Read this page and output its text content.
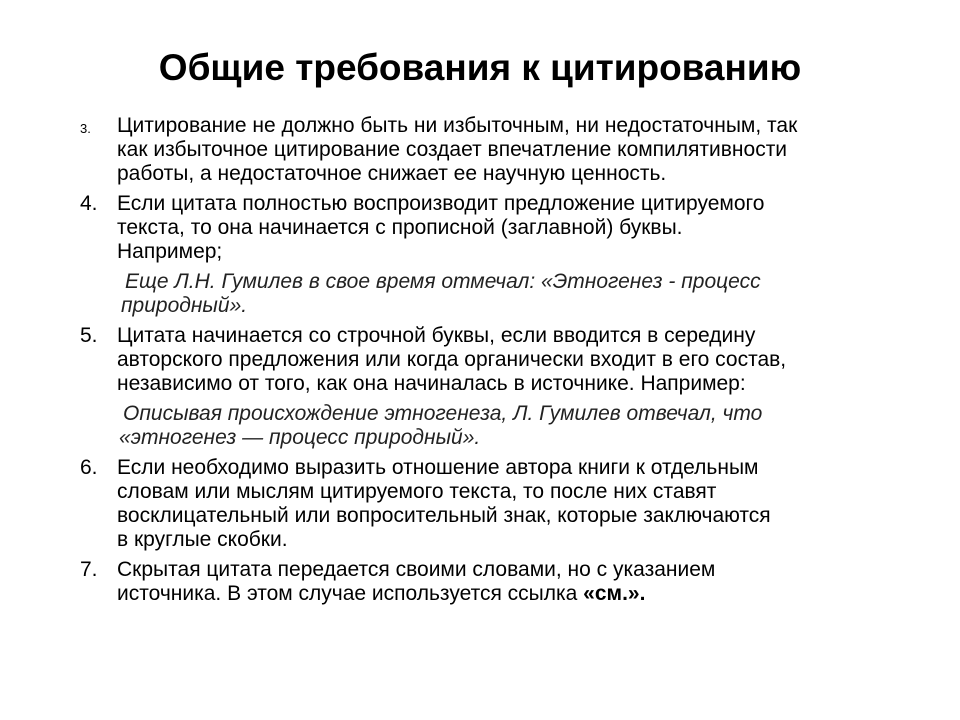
Общие требования к цитированию
3. Цитирование не должно быть ни избыточным, ни недостаточным, так
как избыточное цитирование создает впечатление компилятивности
работы, а недостаточное снижает ее научную ценность.
4. Если цитата полностью воспроизводит предложение цитируемого
текста, то она начинается с прописной (заглавной) буквы.
Например;
Еще Л.Н. Гумилев в свое время отмечал: «Этногенез - процесс
природный».
5. Цитата начинается со строчной буквы, если вводится в середину
авторского предложения или когда органически входит в его состав,
независимо от того, как она начиналась в источнике. Например:
Описывая происхождение этногенеза, Л. Гумилев отвечал, что
«этногенез — процесс природный».
6. Если необходимо выразить отношение автора книги к отдельным
словам или мыслям цитируемого текста, то после них ставят
восклицательный или вопросительный знак, которые заключаются
в круглые скобки.
7. Скрытая цитата передается своими словами, но с указанием
источника. В этом случае используется ссылка «см.».
